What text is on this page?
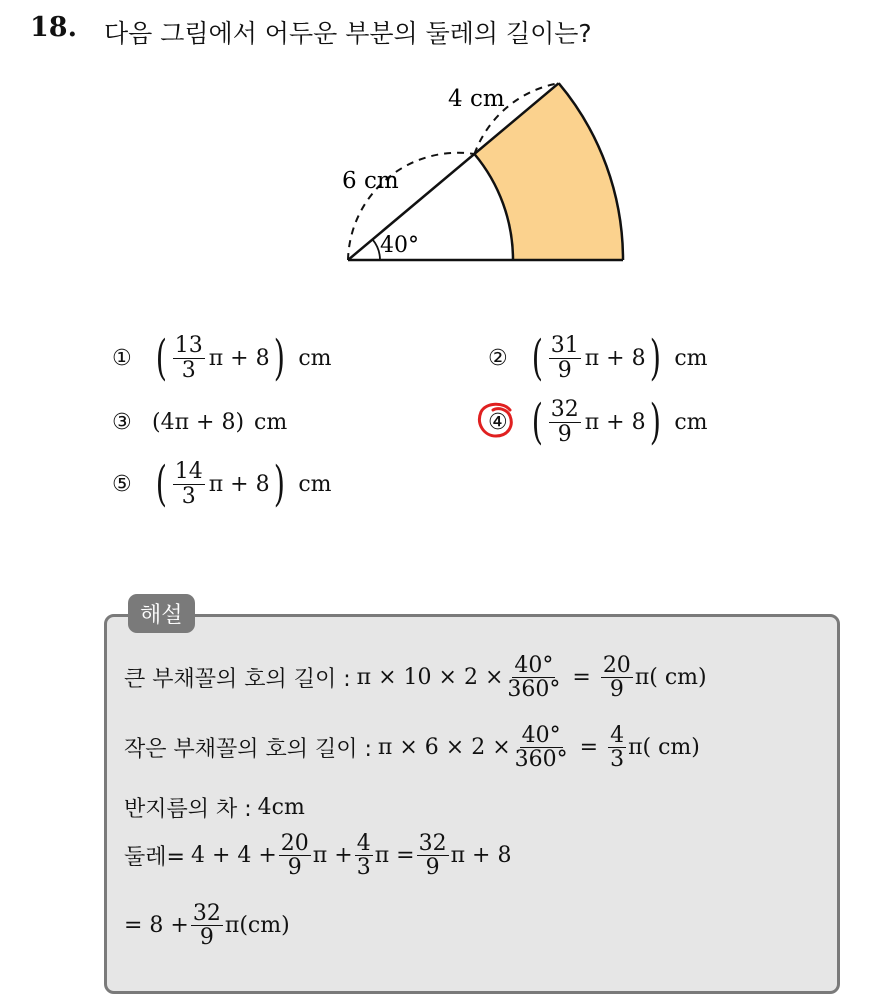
18. 다음 그림에서 어두운 부분의 둘레의 길이는?
4 cm
6 cm
40°
① ( $\frac{13}{3}$ π + 8 ) cm	② ( $\frac{31}{9}$ π + 8 ) cm
③ (4π + 8) cm	④ ( $\frac{32}{9}$ π + 8 ) cm
⑤ ( $\frac{14}{3}$ π + 8 ) cm
해설
큰 부채꼴의 호의 길이 : $\pi \times 10 \times 2 \times \frac{40^\circ}{360^\circ} = \frac{20}{9} \pi$( cm)
작은 부채꼴의 호의 길이 : $\pi \times 6 \times 2 \times \frac{40^\circ}{360^\circ} = \frac{4}{3} \pi$( cm)
반지름의 차 : 4cm
둘레= $4 + 4 + \frac{20}{9}$ $\pi + \frac{4}{3}$ $\pi = \frac{32}{9}$ π + 8
= $8 + \frac{32}{9} \pi(cm)$
